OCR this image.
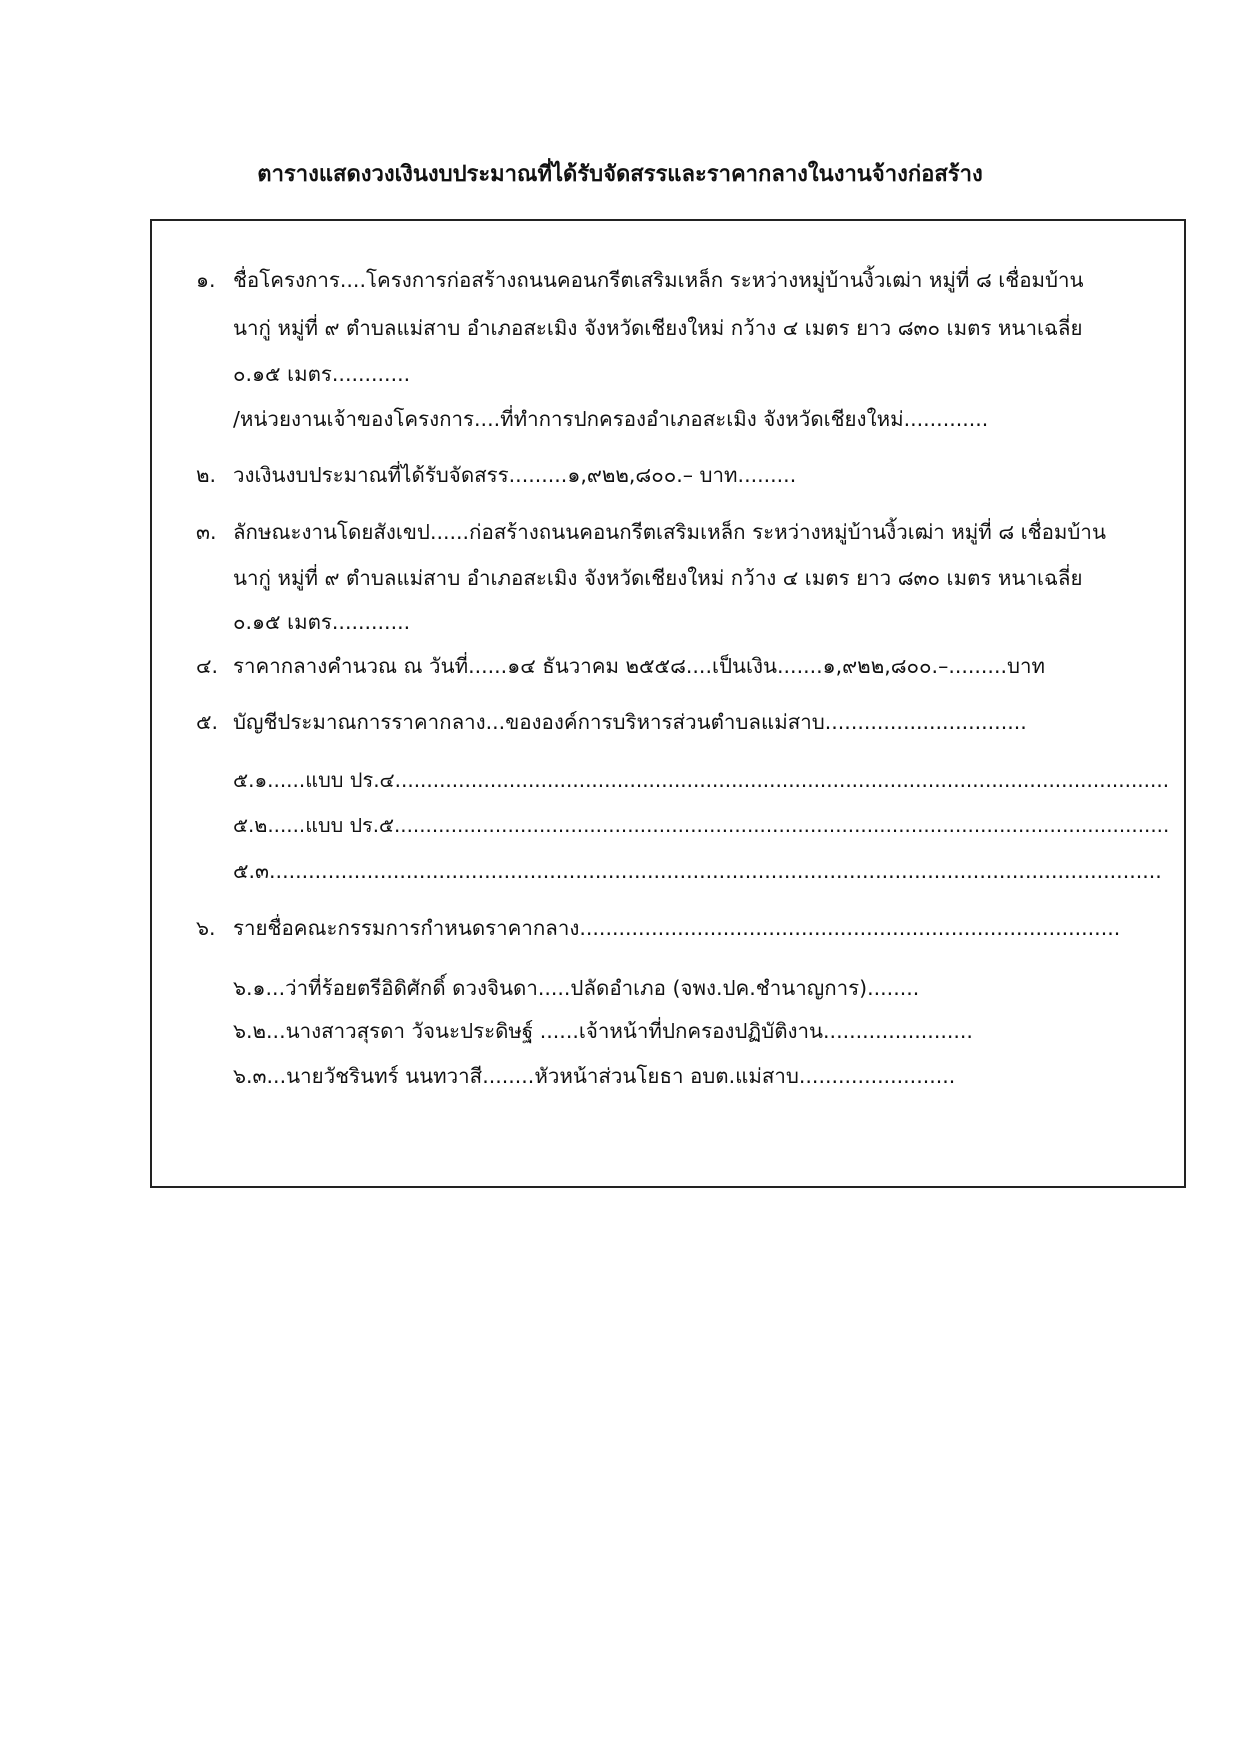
ตารางแสดงวงเงินงบประมาณที่ได้รับจัดสรรและราคากลางในงานจ้างก่อสร้าง
๑. ชื่อโครงการ....โครงการก่อสร้างถนนคอนกรีตเสริมเหล็ก ระหว่างหมู่บ้านงิ้วเฒ่า หมู่ที่ ๘ เชื่อมบ้าน
นากู่ หมู่ที่ ๙ ตำบลแม่สาบ อำเภอสะเมิง จังหวัดเชียงใหม่ กว้าง ๔ เมตร ยาว ๘๓๐ เมตร หนาเฉลี่ย
๐.๑๕ เมตร............
/หน่วยงานเจ้าของโครงการ....ที่ทำการปกครองอำเภอสะเมิง จังหวัดเชียงใหม่.............
๒. วงเงินงบประมาณที่ได้รับจัดสรร.........๑,๙๒๒,๘๐๐.– บาท.........
๓. ลักษณะงานโดยสังเขป......ก่อสร้างถนนคอนกรีตเสริมเหล็ก ระหว่างหมู่บ้านงิ้วเฒ่า หมู่ที่ ๘ เชื่อมบ้าน
นากู่ หมู่ที่ ๙ ตำบลแม่สาบ อำเภอสะเมิง จังหวัดเชียงใหม่ กว้าง ๔ เมตร ยาว ๘๓๐ เมตร หนาเฉลี่ย
๐.๑๕ เมตร............
๔. ราคากลางคำนวณ ณ วันที่......๑๔ ธันวาคม ๒๕๕๘....เป็นเงิน.......๑,๙๒๒,๘๐๐.–.........บาท
๕. บัญชีประมาณการราคากลาง...ขององค์การบริหารส่วนตำบลแม่สาบ...............................
๕.๑......แบบ ปร.๔..........................................................................................................................
๕.๒......แบบ ปร.๕...........................................................................................................................
๕.๓.........................................................................................................................................
๖. รายชื่อคณะกรรมการกำหนดราคากลาง...................................................................................
๖.๑...ว่าที่ร้อยตรีอิดิศักดิ์ ดวงจินดา.....ปลัดอำเภอ (จพง.ปค.ชำนาญการ)........
๖.๒...นางสาวสุรดา วัจนะประดิษฐ์ ......เจ้าหน้าที่ปกครองปฏิบัติงาน.......................
๖.๓...นายวัชรินทร์ นนทวาสี........หัวหน้าส่วนโยธา อบต.แม่สาบ........................
